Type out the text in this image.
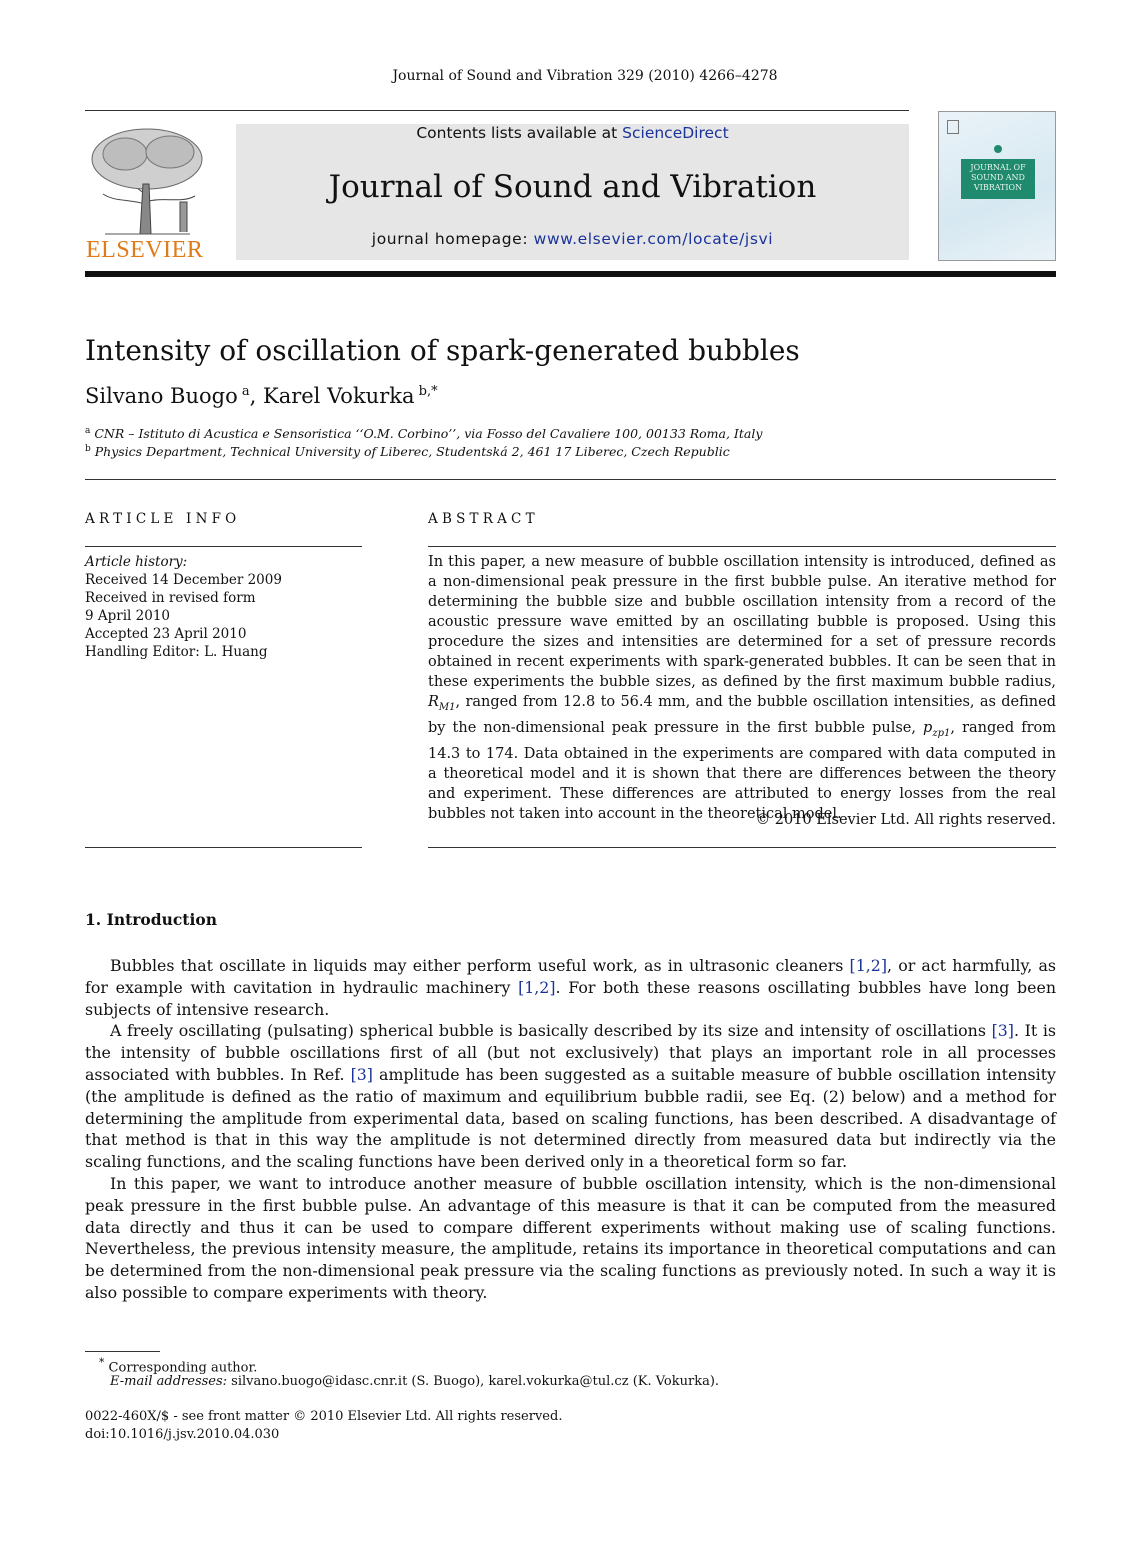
Journal of Sound and Vibration 329 (2010) 4266–4278
ELSEVIER
Contents lists available at ScienceDirect
Journal of Sound and Vibration
journal homepage: www.elsevier.com/locate/jsvi
JOURNAL OF SOUND AND VIBRATION
Intensity of oscillation of spark-generated bubbles
Silvano Buogo $^a$, Karel Vokurka $^{b,*}$
$^a$ CNR – Istituto di Acustica e Sensoristica ‘‘O.M. Corbino’’, via Fosso del Cavaliere 100, 00133 Roma, Italy
$^b$ Physics Department, Technical University of Liberec, Studentská 2, 461 17 Liberec, Czech Republic
ARTICLE INFO
Article history:
Received 14 December 2009
Received in revised form
9 April 2010
Accepted 23 April 2010
Handling Editor: L. Huang
ABSTRACT
In this paper, a new measure of bubble oscillation intensity is introduced, defined as a non-dimensional peak pressure in the first bubble pulse. An iterative method for determining the bubble size and bubble oscillation intensity from a record of the acoustic pressure wave emitted by an oscillating bubble is proposed. Using this procedure the sizes and intensities are determined for a set of pressure records obtained in recent experiments with spark-generated bubbles. It can be seen that in these experiments the bubble sizes, as defined by the first maximum bubble radius, $R_{M1}$, ranged from 12.8 to 56.4 mm, and the bubble oscillation intensities, as defined by the non-dimensional peak pressure in the first bubble pulse, $p_{zp1}$, ranged from 14.3 to 174. Data obtained in the experiments are compared with data computed in a theoretical model and it is shown that there are differences between the theory and experiment. These differences are attributed to energy losses from the real bubbles not taken into account in the theoretical model.
© 2010 Elsevier Ltd. All rights reserved.
1. Introduction

Bubbles that oscillate in liquids may either perform useful work, as in ultrasonic cleaners [1,2], or act harmfully, as for example with cavitation in hydraulic machinery [1,2]. For both these reasons oscillating bubbles have long been subjects of intensive research.

A freely oscillating (pulsating) spherical bubble is basically described by its size and intensity of oscillations [3]. It is the intensity of bubble oscillations first of all (but not exclusively) that plays an important role in all processes associated with bubbles. In Ref. [3] amplitude has been suggested as a suitable measure of bubble oscillation intensity (the amplitude is defined as the ratio of maximum and equilibrium bubble radii, see Eq. (2) below) and a method for determining the amplitude from experimental data, based on scaling functions, has been described. A disadvantage of that method is that in this way the amplitude is not determined directly from measured data but indirectly via the scaling functions, and the scaling functions have been derived only in a theoretical form so far.

In this paper, we want to introduce another measure of bubble oscillation intensity, which is the non-dimensional peak pressure in the first bubble pulse. An advantage of this measure is that it can be computed from the measured data directly and thus it can be used to compare different experiments without making use of scaling functions. Nevertheless, the previous intensity measure, the amplitude, retains its importance in theoretical computations and can be determined from the non-dimensional peak pressure via the scaling functions as previously noted. In such a way it is also possible to compare experiments with theory.

* Corresponding author.
E-mail addresses: silvano.buogo@idasc.cnr.it (S. Buogo), karel.vokurka@tul.cz (K. Vokurka).
0022-460X/$ - see front matter © 2010 Elsevier Ltd. All rights reserved.
doi:10.1016/j.jsv.2010.04.030
